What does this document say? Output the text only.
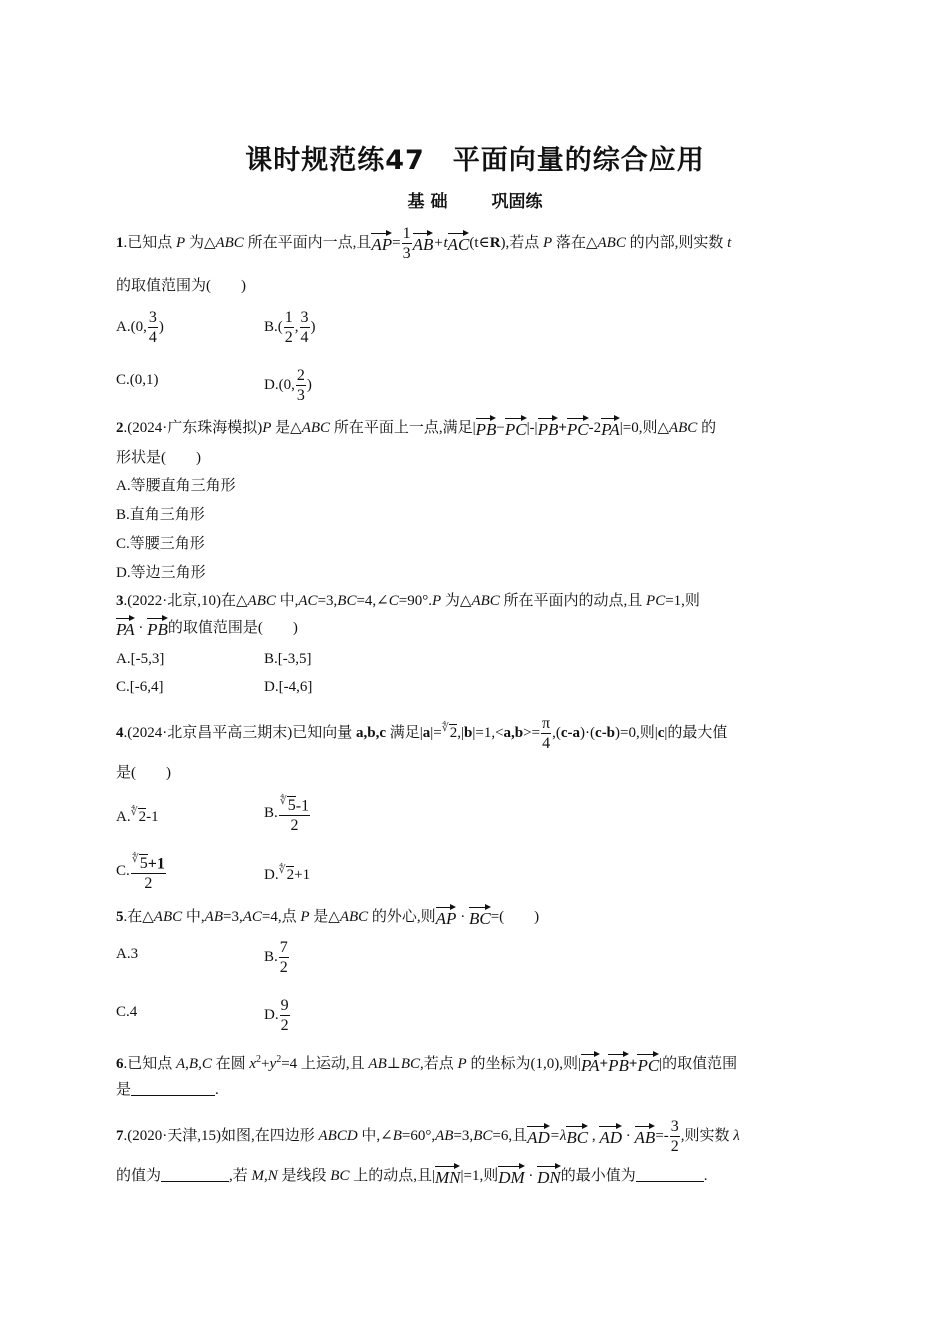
课时规范练47　平面向量的综合应用
基 础	巩固练
1.已知点 P 为△ABC 所在平面内一点,且$AP= \frac{1}{3}$ AB+tAC(t∈R),若点 P 落在△ABC 的内部,则实数 t
的取值范围为(　　)
A.(0, $\frac{3}{4}$ )	$B.( \frac{1}{2}$ , $\frac{3}{4}$ )
C.(0,1)	D.(0, $\frac{2}{3}$ )
2.(2024·广东珠海模拟)P 是△ABC 所在平面上一点,满足|PB−PC|-|PB+PC-2PA|=0,则△ABC 的
形状是(　　)
A.等腰直角三角形
B.直角三角形
C.等腰三角形
D.等边三角形
3.(2022·北京,10)在△ABC 中,AC=3,BC=4,∠C=90°.P 为△ABC 所在平面内的动点,且 PC=1,则
PA · PB的取值范围是(　　)
A.[-5,3]	B.[-3,5]
C.[-6,4]	D.[-4,6]
4.(2024·北京昌平高三期末)已知向量 a,b,c 满足$|a|=^∜2,|b|=1,<a,b>= \frac{\pi}{4} ,(c-a)\cdot(c-b)=0$,则|c|的最大值
是(　　)
A.∜2-1	B. $\frac{^∜5-1}{2}$
C. $\frac{^∜5+1}{2}$	D.∜2+1
5.在△ABC 中,AB=3,AC=4,点 P 是△ABC 的外心,则AP · BC=(　　)
A.3	B. $\frac{7}{2}$
C.4	D. $\frac{9}{2}$
6.已知点 A,B,C 在圆 $x^2+y^2=4$ 上运动,且 AB⊥BC,若点 P 的坐标为(1,0),则|PA+PB+PC|的取值范围
是	.
7.(2020·天津,15)如图,在四边形 ABCD 中,∠B=60°,AB=3,BC=6,且AD=λBC , AD · $AB=- \frac{3}{2}$ ,则实数 λ
的值为	,若 M,N 是线段 BC 上的动点,且|MN|=1,则DM · DN的最小值为	.
